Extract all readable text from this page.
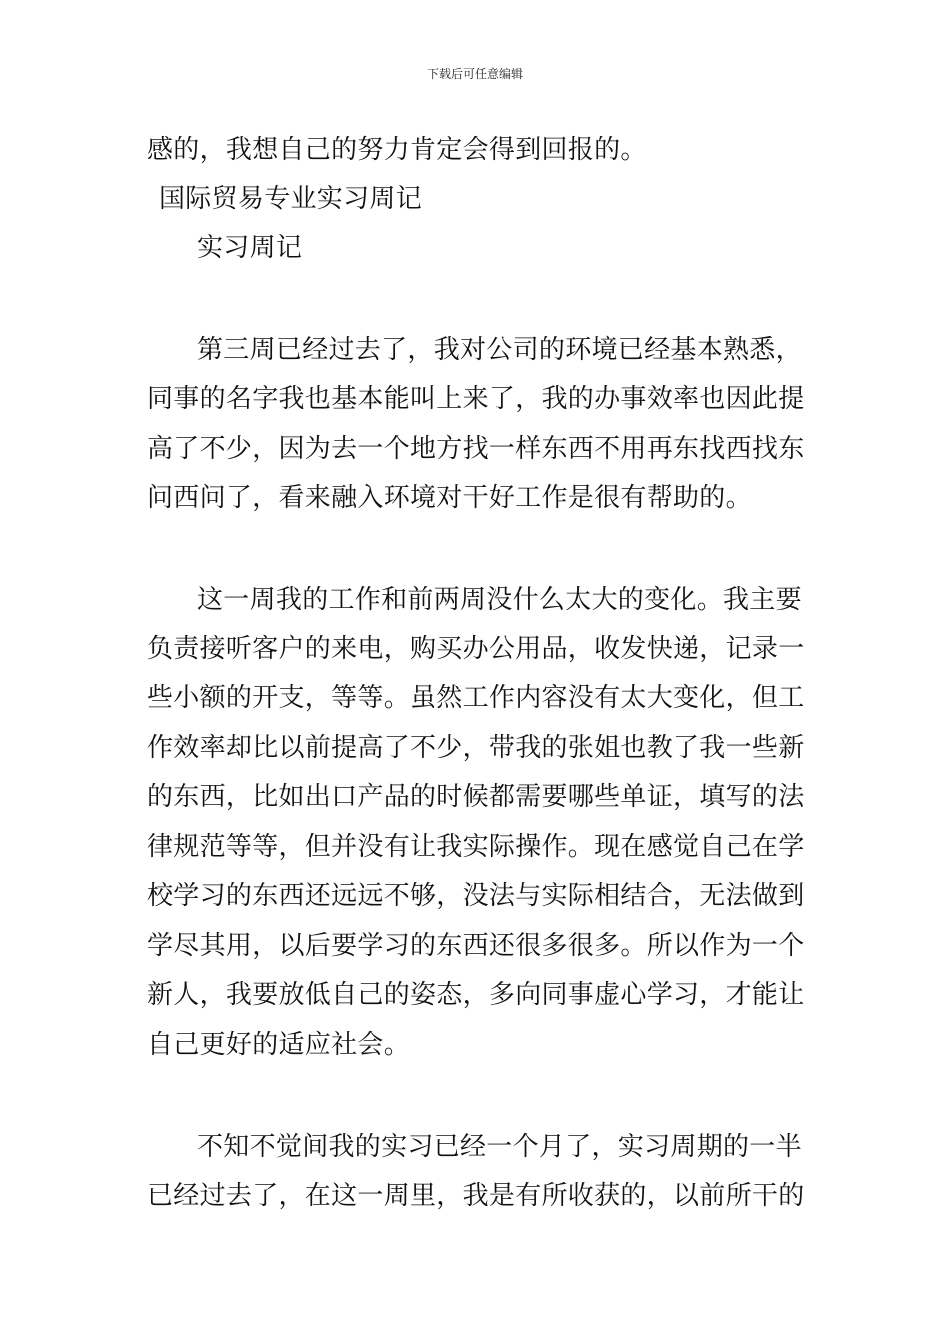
下载后可任意编辑
感的，我想自己的努力肯定会得到回报的。
国际贸易专业实习周记
实习周记
第三周已经过去了，我对公司的环境已经基本熟悉，
同事的名字我也基本能叫上来了，我的办事效率也因此提
高了不少，因为去一个地方找一样东西不用再东找西找东
问西问了，看来融入环境对干好工作是很有帮助的。
这一周我的工作和前两周没什么太大的变化。我主要
负责接听客户的来电，购买办公用品，收发快递，记录一
些小额的开支，等等。虽然工作内容没有太大变化，但工
作效率却比以前提高了不少，带我的张姐也教了我一些新
的东西，比如出口产品的时候都需要哪些单证，填写的法
律规范等等，但并没有让我实际操作。现在感觉自己在学
校学习的东西还远远不够，没法与实际相结合，无法做到
学尽其用，以后要学习的东西还很多很多。所以作为一个
新人，我要放低自己的姿态，多向同事虚心学习，才能让
自己更好的适应社会。
不知不觉间我的实习已经一个月了，实习周期的一半
已经过去了，在这一周里，我是有所收获的，以前所干的
